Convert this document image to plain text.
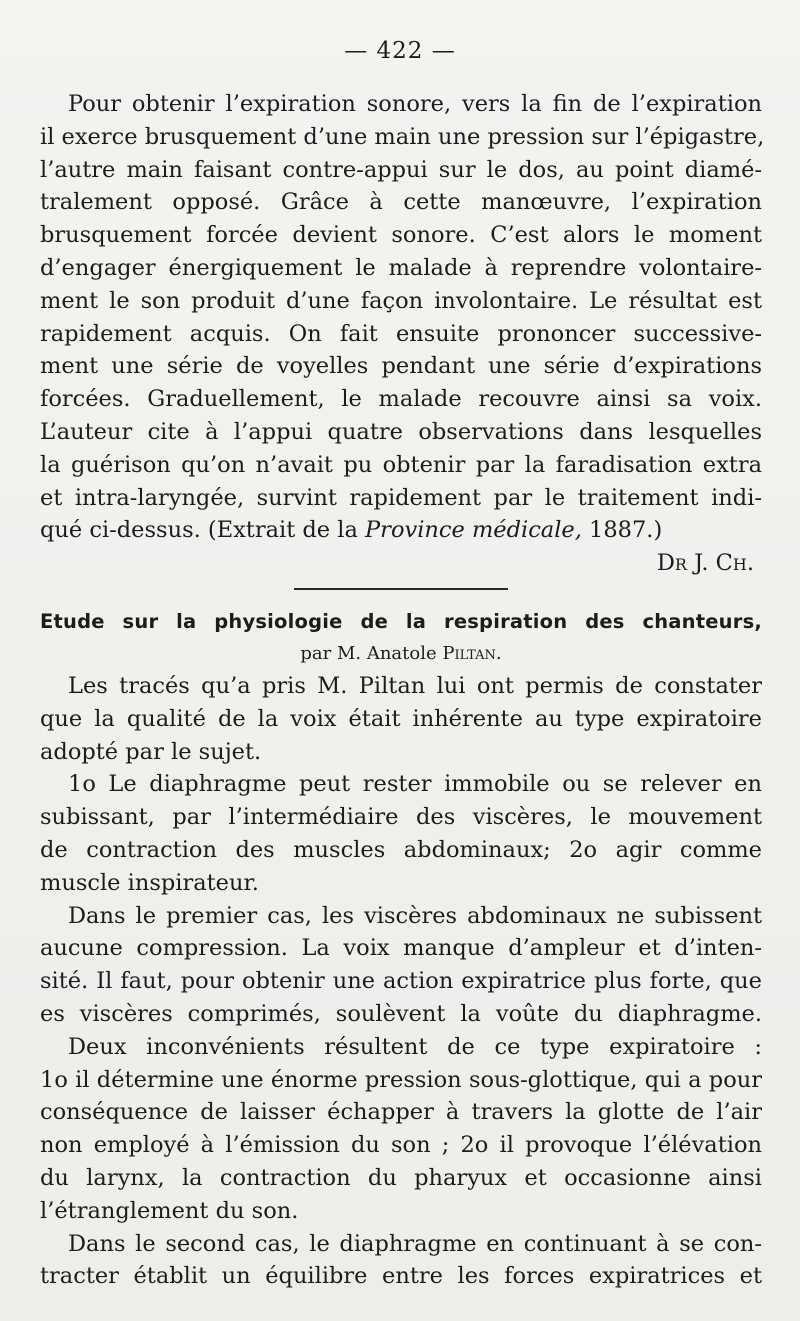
— 422 —
Pour obtenir l’expiration sonore, vers la fin de l’expiration
il exerce brusquement d’une main une pression sur l’épigastre,
l’autre main faisant contre-appui sur le dos, au point diamé-
tralement opposé. Grâce à cette manœuvre, l’expiration
brusquement forcée devient sonore. C’est alors le moment
d’engager énergiquement le malade à reprendre volontaire-
ment le son produit d’une façon involontaire. Le résultat est
rapidement acquis. On fait ensuite prononcer successive-
ment une série de voyelles pendant une série d’expirations
forcées. Graduellement, le malade recouvre ainsi sa voix.
L’auteur cite à l’appui quatre observations dans lesquelles
la guérison qu’on n’avait pu obtenir par la faradisation extra
et intra-laryngée, survint rapidement par le traitement indi-
qué ci-dessus. (Extrait de la Province médicale, 1887.)
Dr J. Ch.
Etude sur la physiologie de la respiration des chanteurs,
par M. Anatole Piltan.
Les tracés qu’a pris M. Piltan lui ont permis de constater
que la qualité de la voix était inhérente au type expiratoire
adopté par le sujet.
1o Le diaphragme peut rester immobile ou se relever en
subissant, par l’intermédiaire des viscères, le mouvement
de contraction des muscles abdominaux; 2o agir comme
muscle inspirateur.
Dans le premier cas, les viscères abdominaux ne subissent
aucune compression. La voix manque d’ampleur et d’inten-
sité. Il faut, pour obtenir une action expiratrice plus forte, que
es viscères comprimés, soulèvent la voûte du diaphragme.
Deux inconvénients résultent de ce type expiratoire :
1o il détermine une énorme pression sous-glottique, qui a pour
conséquence de laisser échapper à travers la glotte de l’air
non employé à l’émission du son ; 2o il provoque l’élévation
du larynx, la contraction du pharyux et occasionne ainsi
l’étranglement du son.
Dans le second cas, le diaphragme en continuant à se con-
tracter établit un équilibre entre les forces expiratrices et
